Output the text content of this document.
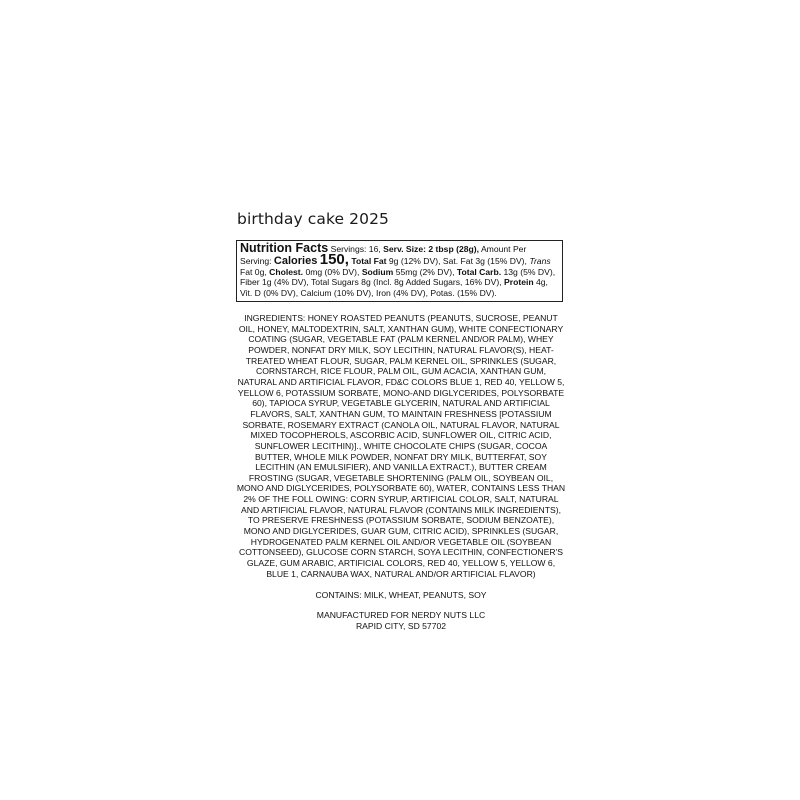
birthday cake 2025
Nutrition Facts Servings: 16, Serv. Size: 2 tbsp (28g), Amount Per Serving: Calories 150, Total Fat 9g (12% DV), Sat. Fat 3g (15% DV), Trans Fat 0g, Cholest. 0mg (0% DV), Sodium 55mg (2% DV), Total Carb. 13g (5% DV), Fiber 1g (4% DV), Total Sugars 8g (Incl. 8g Added Sugars, 16% DV), Protein 4g, Vit. D (0% DV), Calcium (10% DV), Iron (4% DV), Potas. (15% DV).
INGREDIENTS: HONEY ROASTED PEANUTS (PEANUTS, SUCROSE, PEANUT OIL, HONEY, MALTODEXTRIN, SALT, XANTHAN GUM), WHITE CONFECTIONARY COATING (SUGAR, VEGETABLE FAT (PALM KERNEL AND/OR PALM), WHEY POWDER, NONFAT DRY MILK, SOY LECITHIN, NATURAL FLAVOR(S), HEAT-TREATED WHEAT FLOUR, SUGAR, PALM KERNEL OIL, SPRINKLES (SUGAR, CORNSTARCH, RICE FLOUR, PALM OIL, GUM ACACIA, XANTHAN GUM, NATURAL AND ARTIFICIAL FLAVOR, FD&C COLORS BLUE 1, RED 40, YELLOW 5, YELLOW 6, POTASSIUM SORBATE, MONO-AND DIGLYCERIDES, POLYSORBATE 60), TAPIOCA SYRUP, VEGETABLE GLYCERIN, NATURAL AND ARTIFICIAL FLAVORS, SALT, XANTHAN GUM, TO MAINTAIN FRESHNESS [POTASSIUM SORBATE, ROSEMARY EXTRACT (CANOLA OIL, NATURAL FLAVOR, NATURAL MIXED TOCOPHEROLS, ASCORBIC ACID, SUNFLOWER OIL, CITRIC ACID, SUNFLOWER LECITHIN)]., WHITE CHOCOLATE CHIPS (SUGAR, COCOA BUTTER, WHOLE MILK POWDER, NONFAT DRY MILK, BUTTERFAT, SOY LECITHIN (AN EMULSIFIER), AND VANILLA EXTRACT.), BUTTER CREAM FROSTING (SUGAR, VEGETABLE SHORTENING (PALM OIL, SOYBEAN OIL, MONO AND DIGLYCERIDES, POLYSORBATE 60), WATER, CONTAINS LESS THAN 2% OF THE FOLL OWING: CORN SYRUP, ARTIFICIAL COLOR, SALT, NATURAL AND ARTIFICIAL FLAVOR, NATURAL FLAVOR (CONTAINS MILK INGREDIENTS), TO PRESERVE FRESHNESS (POTASSIUM SORBATE, SODIUM BENZOATE), MONO AND DIGLYCERIDES, GUAR GUM, CITRIC ACID), SPRINKLES (SUGAR, HYDROGENATED PALM KERNEL OIL AND/OR VEGETABLE OIL (SOYBEAN COTTONSEED), GLUCOSE CORN STARCH, SOYA LECITHIN, CONFECTIONER'S GLAZE, GUM ARABIC, ARTIFICIAL COLORS, RED 40, YELLOW 5, YELLOW 6, BLUE 1, CARNAUBA WAX, NATURAL AND/OR ARTIFICIAL FLAVOR)
CONTAINS: MILK, WHEAT, PEANUTS, SOY
MANUFACTURED FOR NERDY NUTS LLC
RAPID CITY, SD 57702
